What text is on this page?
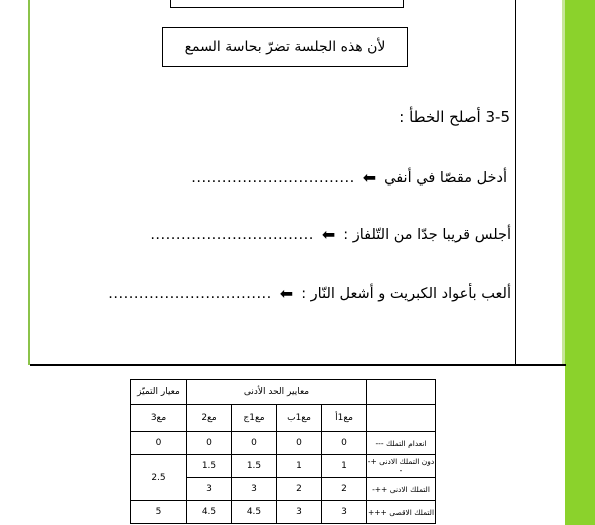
لأن هذه الجلسة تضرّ بحاسة السمع
3-5 أصلح الخطأ :
أدخل مقصّا في أنفي
⬅
................................
أجلس قريبا جدّا من التّلفاز :
⬅
................................
ألعب بأعواد الكبريت و أشعل النّار :
⬅
................................
	معايير الحد الأدنى				معيار التميّز
	مع1أ	مع1ب	مع1ج	مع2	مع3
انعدام التملك ---	0	0	0	0	0
دون التملك الادنى +--	1	1	1.5	1.5	2.5
التملك الادنى ++-	2	2	3	3	
التملك الاقصى +++	3	3	4.5	4.5	5
